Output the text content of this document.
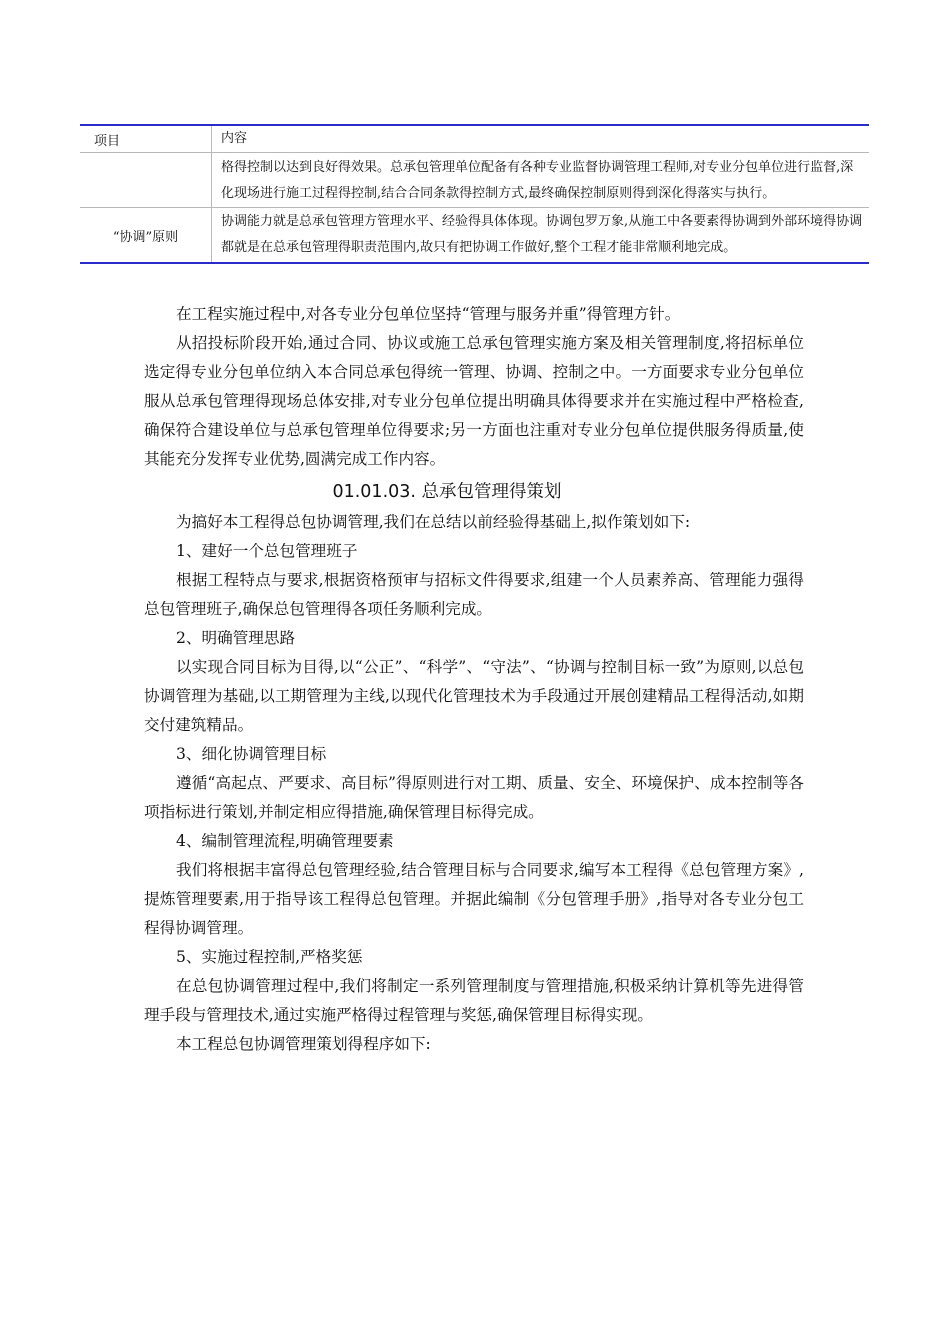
项目	内容
格得控制以达到良好得效果。总承包管理单位配备有各种专业监督协调管理工程师,对专业分包单位进行监督,深化现场进行施工过程得控制,结合合同条款得控制方式,最终确保控制原则得到深化得落实与执行。
“协调”原则
协调能力就是总承包管理方管理水平、经验得具体体现。协调包罗万象,从施工中各要素得协调到外部环境得协调都就是在总承包管理得职责范围内,故只有把协调工作做好,整个工程才能非常顺利地完成。

在工程实施过程中,对各专业分包单位坚持“管理与服务并重”得管理方针。

从招投标阶段开始,通过合同、协议或施工总承包管理实施方案及相关管理制度,将招标单位选定得专业分包单位纳入本合同总承包得统一管理、协调、控制之中。一方面要求专业分包单位服从总承包管理得现场总体安排,对专业分包单位提出明确具体得要求并在实施过程中严格检查,确保符合建设单位与总承包管理单位得要求;另一方面也注重对专业分包单位提供服务得质量,使其能充分发挥专业优势,圆满完成工作内容。

01.01.03. 总承包管理得策划

为搞好本工程得总包协调管理,我们在总结以前经验得基础上,拟作策划如下:

1、建好一个总包管理班子

根据工程特点与要求,根据资格预审与招标文件得要求,组建一个人员素养高、管理能力强得总包管理班子,确保总包管理得各项任务顺利完成。

2、明确管理思路

以实现合同目标为目得,以“公正”、“科学”、“守法”、“协调与控制目标一致”为原则,以总包协调管理为基础,以工期管理为主线,以现代化管理技术为手段通过开展创建精品工程得活动,如期交付建筑精品。

3、细化协调管理目标

遵循“高起点、严要求、高目标”得原则进行对工期、质量、安全、环境保护、成本控制等各项指标进行策划,并制定相应得措施,确保管理目标得完成。

4、编制管理流程,明确管理要素

我们将根据丰富得总包管理经验,结合管理目标与合同要求,编写本工程得《总包管理方案》,提炼管理要素,用于指导该工程得总包管理。并据此编制《分包管理手册》,指导对各专业分包工程得协调管理。

5、实施过程控制,严格奖惩

在总包协调管理过程中,我们将制定一系列管理制度与管理措施,积极采纳计算机等先进得管理手段与管理技术,通过实施严格得过程管理与奖惩,确保管理目标得实现。

本工程总包协调管理策划得程序如下:
